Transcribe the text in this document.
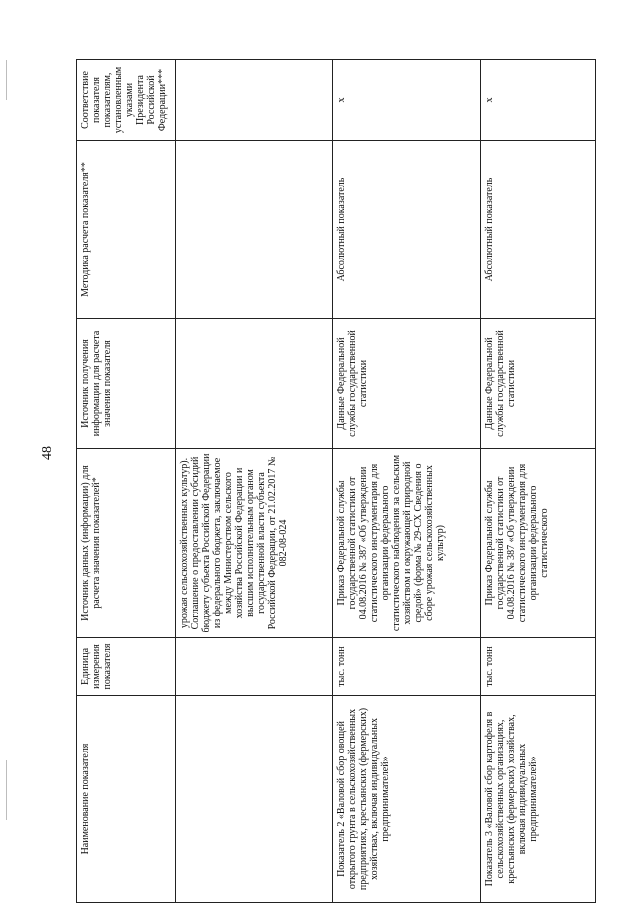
48
Наименование показателя	Единица измерения показателя	Источник данных (информации) для расчета значения показателей*	Источник получения информации для расчета значения показателя	Методика расчета показателя**	Соответствие показателя показателям, установленным указами Президента Российской Федерации***
		урожая сельскохозяйственных культур). Соглашение о предоставлении субсидий бюджету субъекта Российской Федерации из федерального бюджета, заключаемое между Министерством сельского хозяйства Российской Федерации и высшим исполнительным органом государственной власти субъекта Российской Федерации, от 21.02.2017 № 082-08-024			
Показатель 2 «Валовой сбор овощей открытого грунта в сельскохозяйственных предприятиях, крестьянских (фермерских) хозяйствах, включая индивидуальных предпринимателей»	тыс. тонн	Приказ Федеральной службы государственной статистики от 04.08.2016 № 387 «Об утверждении статистического инструментария для организации федерального статистического наблюдения за сельским хозяйством и окружающей природной средой» (форма № 29-СХ Сведения о сборе урожая сельскохозяйственных культур)	Данные Федеральной службы государственной статистики	Абсолютный показатель	х
Показатель 3 «Валовой сбор картофеля в сельскохозяйственных организациях, крестьянских (фермерских) хозяйствах, включая индивидуальных предпринимателей»	тыс. тонн	Приказ Федеральной службы государственной статистики от 04.08.2016 № 387 «Об утверждении статистического инструментария для организации федерального статистического	Данные Федеральной службы государственной статистики	Абсолютный показатель	х
